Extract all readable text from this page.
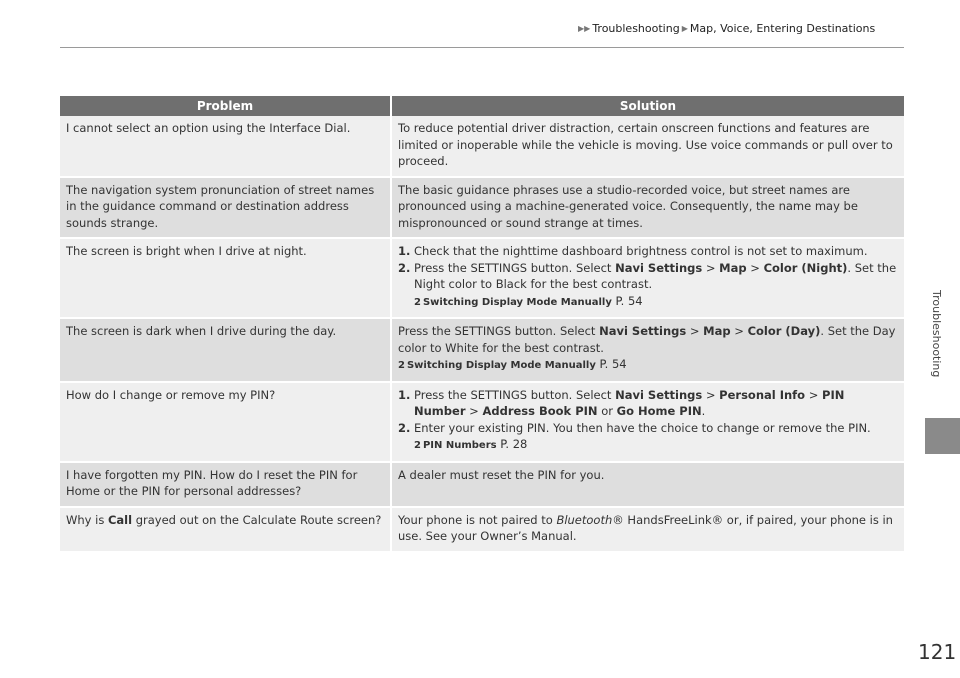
▶▶ Troubleshooting ▶ Map, Voice, Entering Destinations
Troubleshooting
Problem	Solution
I cannot select an option using the Interface Dial.	To reduce potential driver distraction, certain onscreen functions and features are limited or inoperable while the vehicle is moving. Use voice commands or pull over to proceed.
The navigation system pronunciation of street names in the guidance command or destination address sounds strange.	The basic guidance phrases use a studio-recorded voice, but street names are pronounced using a machine-generated voice. Consequently, the name may be mispronounced or sound strange at times.
The screen is bright when I drive at night.	1. Check that the nighttime dashboard brightness control is not set to maximum.
2. Press the SETTINGS button. Select Navi Settings > Map > Color (Night). Set the Night color to Black for the best contrast.
2 Switching Display Mode Manually P. 54

The screen is dark when I drive during the day.	Press the SETTINGS button. Select Navi Settings > Map > Color (Day). Set the Day color to White for the best contrast.
2 Switching Display Mode Manually P. 54

How do I change or remove my PIN?	1. Press the SETTINGS button. Select Navi Settings > Personal Info > PIN Number > Address Book PIN or Go Home PIN.
2. Enter your existing PIN. You then have the choice to change or remove the PIN.
2 PIN Numbers P. 28

I have forgotten my PIN. How do I reset the PIN for Home or the PIN for personal addresses?	A dealer must reset the PIN for you.
Why is Call grayed out on the Calculate Route screen?	Your phone is not paired to Bluetooth® HandsFreeLink® or, if paired, your phone is in use. See your Owner’s Manual.
121
